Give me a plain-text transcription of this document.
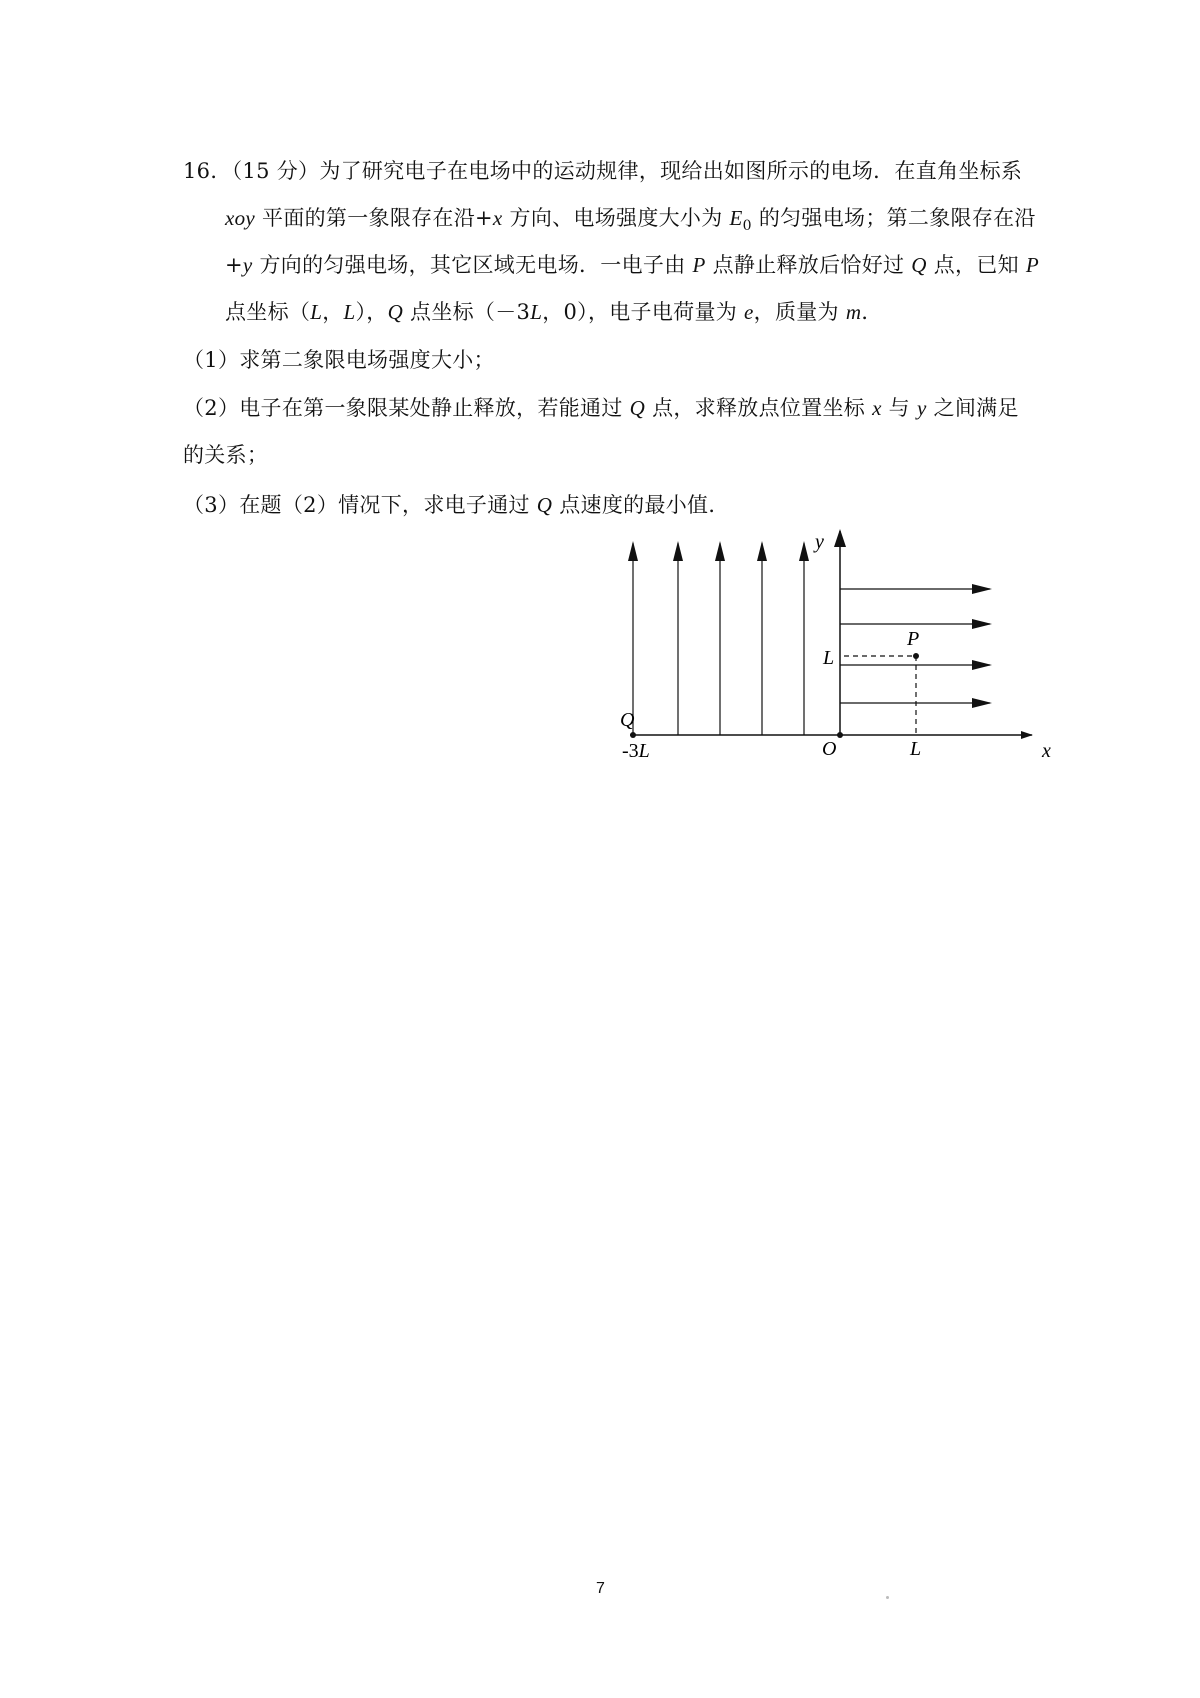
16．（15 分）为了研究电子在电场中的运动规律，现给出如图所示的电场．在直角坐标系
xoy 平面的第一象限存在沿+x 方向、电场强度大小为 $E_0$ 的匀强电场；第二象限存在沿
+y 方向的匀强电场，其它区域无电场．一电子由 P 点静止释放后恰好过 Q 点，已知 P
点坐标（L，L），Q 点坐标（－3L，0），电子电荷量为 e，质量为 m．
（1）求第二象限电场强度大小；
（2）电子在第一象限某处静止释放，若能通过 Q 点，求释放点位置坐标 x 与 y 之间满足
的关系；
（3）在题（2）情况下，求电子通过 Q 点速度的最小值．
y
x
O
P
Q
L
L
-3L
7
